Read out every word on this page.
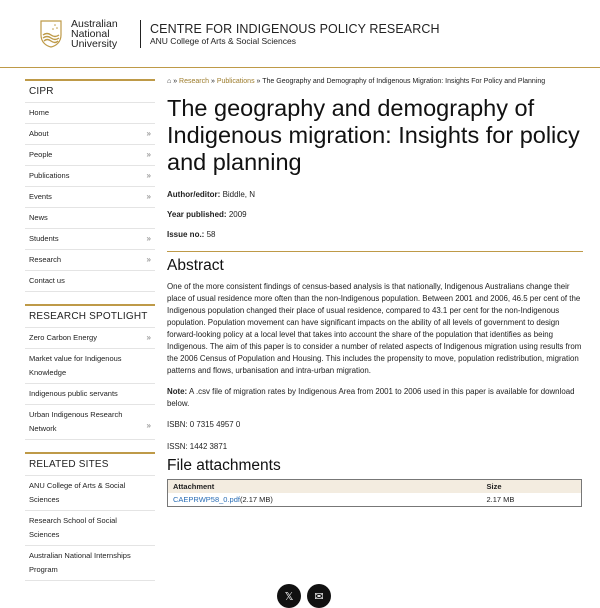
Australian
National
University
CENTRE FOR INDIGENOUS POLICY RESEARCH
ANU College of Arts & Social Sciences
CIPR
Home
About	»
People	»
Publications	»
Events	»
News
Students	»
Research	»
Contact us
RESEARCH SPOTLIGHT
Zero Carbon Energy	»
Market value for Indigenous Knowledge
Indigenous public servants
Urban Indigenous Research Network	»
RELATED SITES
ANU College of Arts & Social Sciences
Research School of Social Sciences
Australian National Internships Program
⌂ » Research » Publications » The Geography and Demography of Indigenous Migration: Insights For Policy and Planning
The geography and demography of Indigenous migration: Insights for policy and planning

Author/editor: Biddle, N

Year published: 2009

Issue no.: 58

Abstract

One of the more consistent findings of census-based analysis is that nationally, Indigenous Australians change their place of usual residence more often than the non-Indigenous population. Between 2001 and 2006, 46.5 per cent of the Indigenous population changed their place of usual residence, compared to 43.1 per cent for the non-Indigenous population. Population movement can have significant impacts on the ability of all levels of government to design forward-looking policy at a local level that takes into account the share of the population that identifies as being Indigenous. The aim of this paper is to consider a number of related aspects of Indigenous migration using results from the 2006 Census of Population and Housing. This includes the propensity to move, population redistribution, migration patterns and flows, urbanisation and intra-urban migration.

Note: A .csv file of migration rates by Indigenous Area from 2001 to 2006 used in this paper is available for download below.

ISBN: 0 7315 4957 0

ISSN: 1442 3871

File attachments
Attachment	Size
CAEPRWP58_0.pdf(2.17 MB)	2.17 MB
𝕏 ✉
